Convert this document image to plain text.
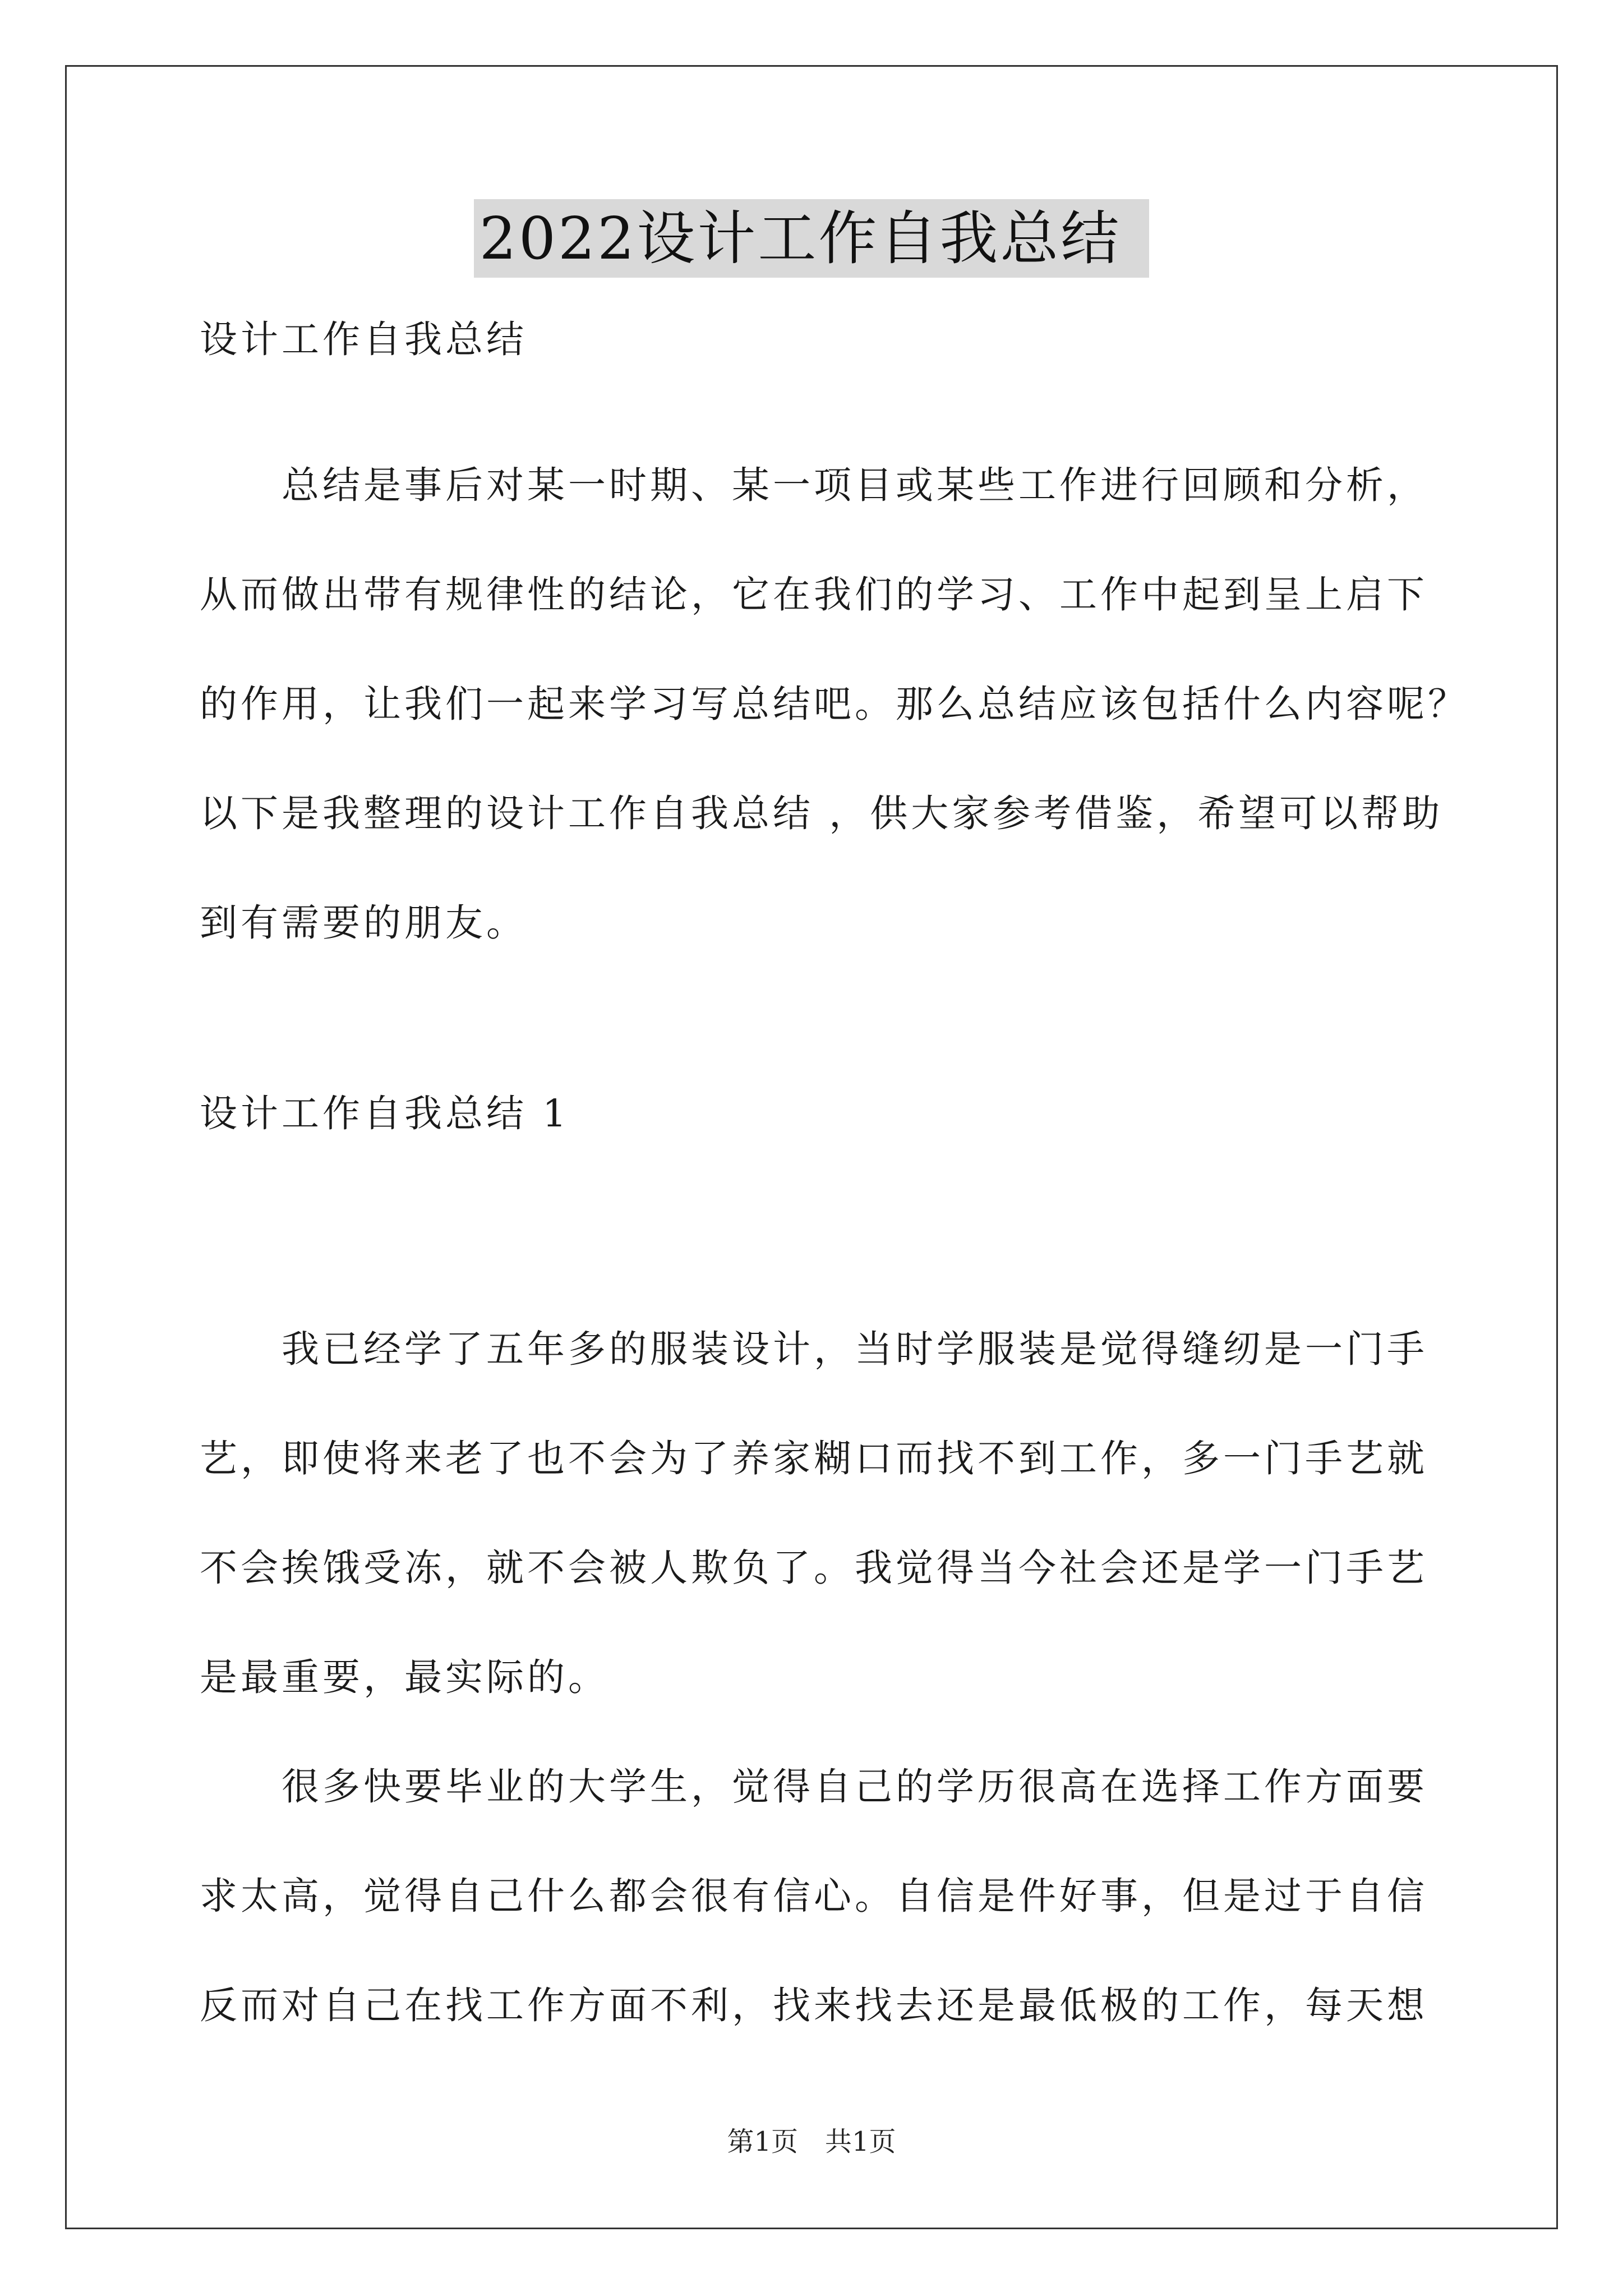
2022设计工作自我总结
设计工作自我总结
　　总结是事后对某一时期、某一项目或某些工作进行回顾和分析，
从而做出带有规律性的结论，它在我们的学习、工作中起到呈上启下
的作用，让我们一起来学习写总结吧。那么总结应该包括什么内容呢？
以下是我整理的设计工作自我总结 ，供大家参考借鉴，希望可以帮助
到有需要的朋友。
设计工作自我总结 1
　　我已经学了五年多的服装设计，当时学服装是觉得缝纫是一门手
艺，即使将来老了也不会为了养家糊口而找不到工作，多一门手艺就
不会挨饿受冻，就不会被人欺负了。我觉得当今社会还是学一门手艺
是最重要，最实际的。
　　很多快要毕业的大学生，觉得自己的学历很高在选择工作方面要
求太高，觉得自己什么都会很有信心。自信是件好事，但是过于自信
反而对自己在找工作方面不利，找来找去还是最低极的工作，每天想
第1页　共1页
